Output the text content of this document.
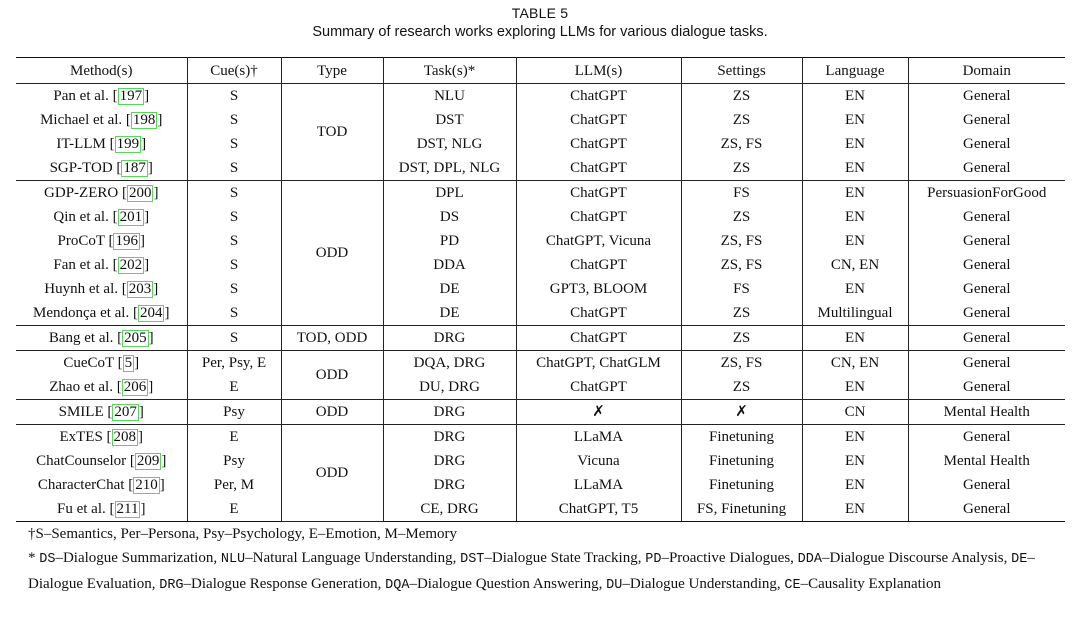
TABLE 5
Summary of research works exploring LLMs for various dialogue tasks.
Method(s)	Cue(s)†	Type	Task(s)*	LLM(s)	Settings	Language	Domain
Pan et al. [ 197 ]	S	TOD	NLU	ChatGPT	ZS	EN	General
Michael et al. [ 198 ]	S		DST	ChatGPT	ZS	EN	General
IT-LLM [ 199 ]	S		DST, NLG	ChatGPT	ZS, FS	EN	General
SGP-TOD [ 187 ]	S		DST, DPL, NLG	ChatGPT	ZS	EN	General
GDP-ZERO [ 200 ]	S	ODD	DPL	ChatGPT	FS	EN	PersuasionForGood
Qin et al. [ 201 ]	S		DS	ChatGPT	ZS	EN	General
ProCoT [ 196 ]	S		PD	ChatGPT, Vicuna	ZS, FS	EN	General
Fan et al. [ 202 ]	S		DDA	ChatGPT	ZS, FS	CN, EN	General
Huynh et al. [ 203 ]	S		DE	GPT3, BLOOM	FS	EN	General
Mendonça et al. [ 204 ]	S		DE	ChatGPT	ZS	Multilingual	General
Bang et al. [ 205 ]	S	TOD, ODD	DRG	ChatGPT	ZS	EN	General
CueCoT [ 5 ]	Per, Psy, E	ODD	DQA, DRG	ChatGPT, ChatGLM	ZS, FS	CN, EN	General
Zhao et al. [ 206 ]	E		DU, DRG	ChatGPT	ZS	EN	General
SMILE [ 207 ]	Psy	ODD	DRG	✗	✗	CN	Mental Health
ExTES [ 208 ]	E	ODD	DRG	LLaMA	Finetuning	EN	General
ChatCounselor [ 209 ]	Psy		DRG	Vicuna	Finetuning	EN	Mental Health
CharacterChat [ 210 ]	Per, M		DRG	LLaMA	Finetuning	EN	General
Fu et al. [ 211 ]	E		CE, DRG	ChatGPT, T5	FS, Finetuning	EN	General
†S–Semantics, Per–Persona, Psy–Psychology, E–Emotion, M–Memory
* DS–Dialogue Summarization, NLU–Natural Language Understanding, DST–Dialogue State Tracking, PD–Proactive Dialogues, DDA–Dialogue Discourse Analysis, DE–Dialogue Evaluation, DRG–Dialogue Response Generation, DQA–Dialogue Question Answering, DU–Dialogue Understanding, CE–Causality Explanation
